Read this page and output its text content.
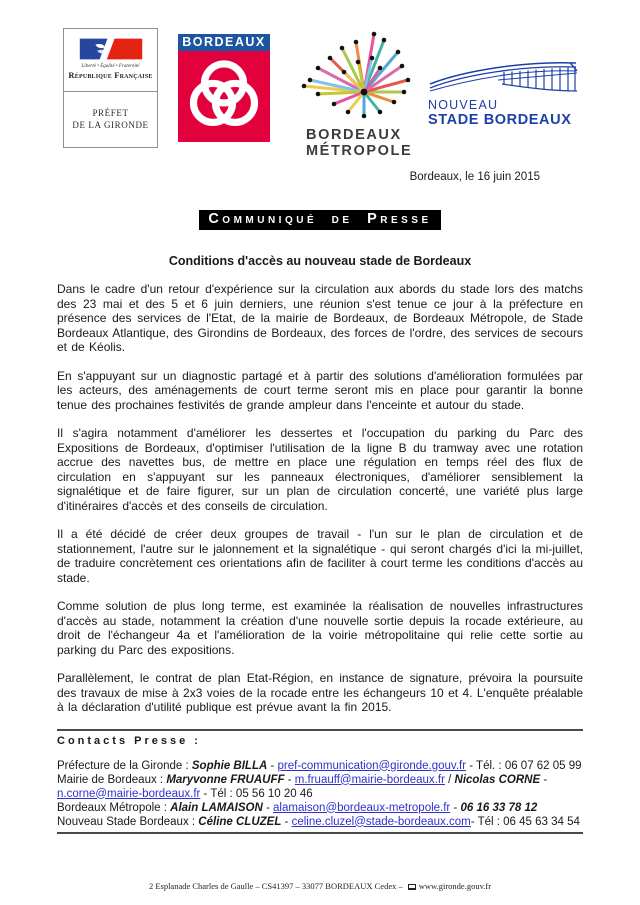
Liberté • Égalité • Fraternité
République Française
PRÉFET
DE LA GIRONDE
BORDEAUX
BORDEAUX
MÉTROPOLE
NOUVEAU
STADE BORDEAUX
Bordeaux, le 16 juin 2015
Communiqué de Presse
Conditions d'accès au nouveau stade de Bordeaux
Dans le cadre d'un retour d'expérience sur la circulation aux abords du stade lors des matchs des 23 mai et des 5 et 6 juin derniers, une réunion s'est tenue ce jour à la préfecture en présence des services de l'Etat, de la mairie de Bordeaux, de Bordeaux Métropole, de Stade Bordeaux Atlantique, des Girondins de Bordeaux, des forces de l'ordre, des services de secours et de Kéolis.
En s'appuyant sur un diagnostic partagé et à partir des solutions d'amélioration formulées par les acteurs, des aménagements de court terme seront mis en place pour garantir la bonne tenue des prochaines festivités de grande ampleur dans l'enceinte et autour du stade.
Il s'agira notamment d'améliorer les dessertes et l'occupation du parking du Parc des Expositions de Bordeaux, d'optimiser l'utilisation de la ligne B du tramway avec une rotation accrue des navettes bus, de mettre en place une régulation en temps réel des flux de circulation en s'appuyant sur les panneaux électroniques, d'améliorer sensiblement la signalétique et de faire figurer, sur un plan de circulation concerté, une variété plus large d'itinéraires d'accès et des conseils de circulation.
Il a été décidé de créer deux groupes de travail - l'un sur le plan de circulation et de stationnement, l'autre sur le jalonnement et la signalétique - qui seront chargés d'ici la mi-juillet, de traduire concrètement ces orientations afin de faciliter à court terme les conditions d'accès au stade.
Comme solution de plus long terme, est examinée la réalisation de nouvelles infrastructures d'accès au stade, notamment la création d'une nouvelle sortie depuis la rocade extérieure, au droit de l'échangeur 4a et l'amélioration de la voirie métropolitaine qui relie cette sortie au parking du Parc des expositions.
Parallèlement, le contrat de plan Etat-Région, en instance de signature, prévoira la poursuite des travaux de mise à 2x3 voies de la rocade entre les échangeurs 10 et 4. L'enquête préalable à la déclaration d'utilité publique est prévue avant la fin 2015.
Contacts Presse :
Préfecture de la Gironde : Sophie BILLA - pref-communication@gironde.gouv.fr - Tél. : 06 07 62 05 99
Mairie de Bordeaux : Maryvonne FRUAUFF - m.fruauff@mairie-bordeaux.fr / Nicolas CORNE - n.corne@mairie-bordeaux.fr - Tél : 05 56 10 20 46
Bordeaux Métropole : Alain LAMAISON - alamaison@bordeaux-metropole.fr - 06 16 33 78 12
Nouveau Stade Bordeaux : Céline CLUZEL - celine.cluzel@stade-bordeaux.com- Tél : 06 45 63 34 54
2 Esplanade Charles de Gaulle – CS41397 – 33077 BORDEAUX Cedex – www.gironde.gouv.fr
